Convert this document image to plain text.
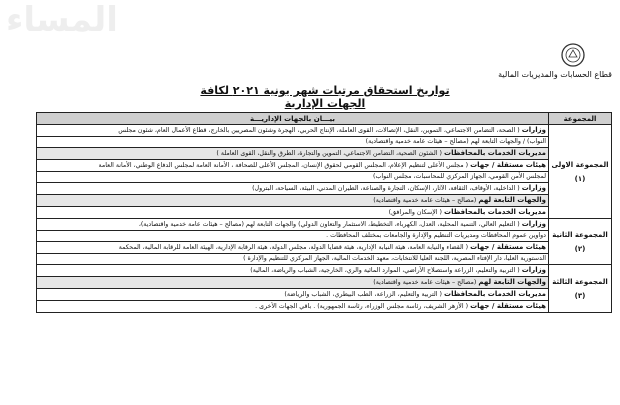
المساء
قطاع الحسابات والمديريات المالية
تواريخ استحقاق مرتبات شهر يونية ٢٠٢١ لكافة الجهات الإدارية
المجموعة	بيـــان بالجهات الإداريـــة
المجموعة الاولى
(١)	وزارات ( الصحة، التضامن الاجتماعي، التموين، النقل، الإتصالات، القوى العاملة، الإنتاج الحربي، الهجرة وشئون المصريين بالخارج، قطاع الأعمال العام، شئون مجلس
	النواب) / والجهات التابعة لهم (مصالح – هيئات عامة خدمية واقتصادية)
	مديريات الخدمات بالمحافظات ( الشئون الصحية، التضامن الاجتماعي، التموين والتجارة، الطرق والنقل، القوى العاملة )
	هيئات مستقلة / جهات ( مجلس الأعلى لتنظيم الإعلام، المجلس القومي لحقوق الإنسان، المجلس الأعلى للصحافة ، الأمانة العامة لمجلس الدفاع الوطني، الأمانة العامة
	لمجلس الأمن القومي، الجهاز المركزي للمحاسبات، مجلس النواب)
	وزارات ( الداخلية، الأوقاف، الثقافة، الآثار، الإسكان، التجارة والصناعة، الطيران المدني، البيئة، السياحة، البترول)
	والجهات التابعة لهم (مصالح – هيئات عامة خدمية واقتصادية)
	مديريات الخدمات بالمحافظات ( الإسكان والمرافق)
المجموعة الثانية
(٢)	وزارات ( التعليم العالي، التنمية المحلية، العدل، الكهرباء، التخطيط، الاستثمار والتعاون الدولي) والجهات التابعة لهم (مصالح – هيئات عامة خدمية واقتصادية)،
	دواوين عموم المحافظات ومديريات التنظيم والإدارة والجامعات بمختلف المحافظات .
	هيئات مستقلة / جهات ( القضاء والنيابة العامة، هيئة النيابة الإدارية، هيئة قضايا الدولة، مجلس الدولة، هيئة الرقابة الإدارية، الهيئة العامة للرقابة المالية، المحكمة
	الدستورية العليا، دار الإفتاء المصرية، اللجنة العليا للانتخابات، معهد الخدمات المالية، الجهاز المركزي للتنظيم والإدارة )
المجموعة الثالثة
(٣)	وزارات ( التربية والتعليم، الزراعة واستصلاح الأراضي، الموارد المائية والري، الخارجية، الشباب والرياضة، المالية)
	والجهات التابعة لهم (مصالح – هيئات عامة خدمية واقتصادية)
	مديريات الخدمات بالمحافظات ( التربية والتعليم، الزراعة، الطب البيطري، الشباب والرياضة)
	هيئات مستقلة / جهات ( الأزهر الشريف، رئاسة مجلس الوزراء، رئاسة الجمهورية) . باقي الجهات الأخرى .
